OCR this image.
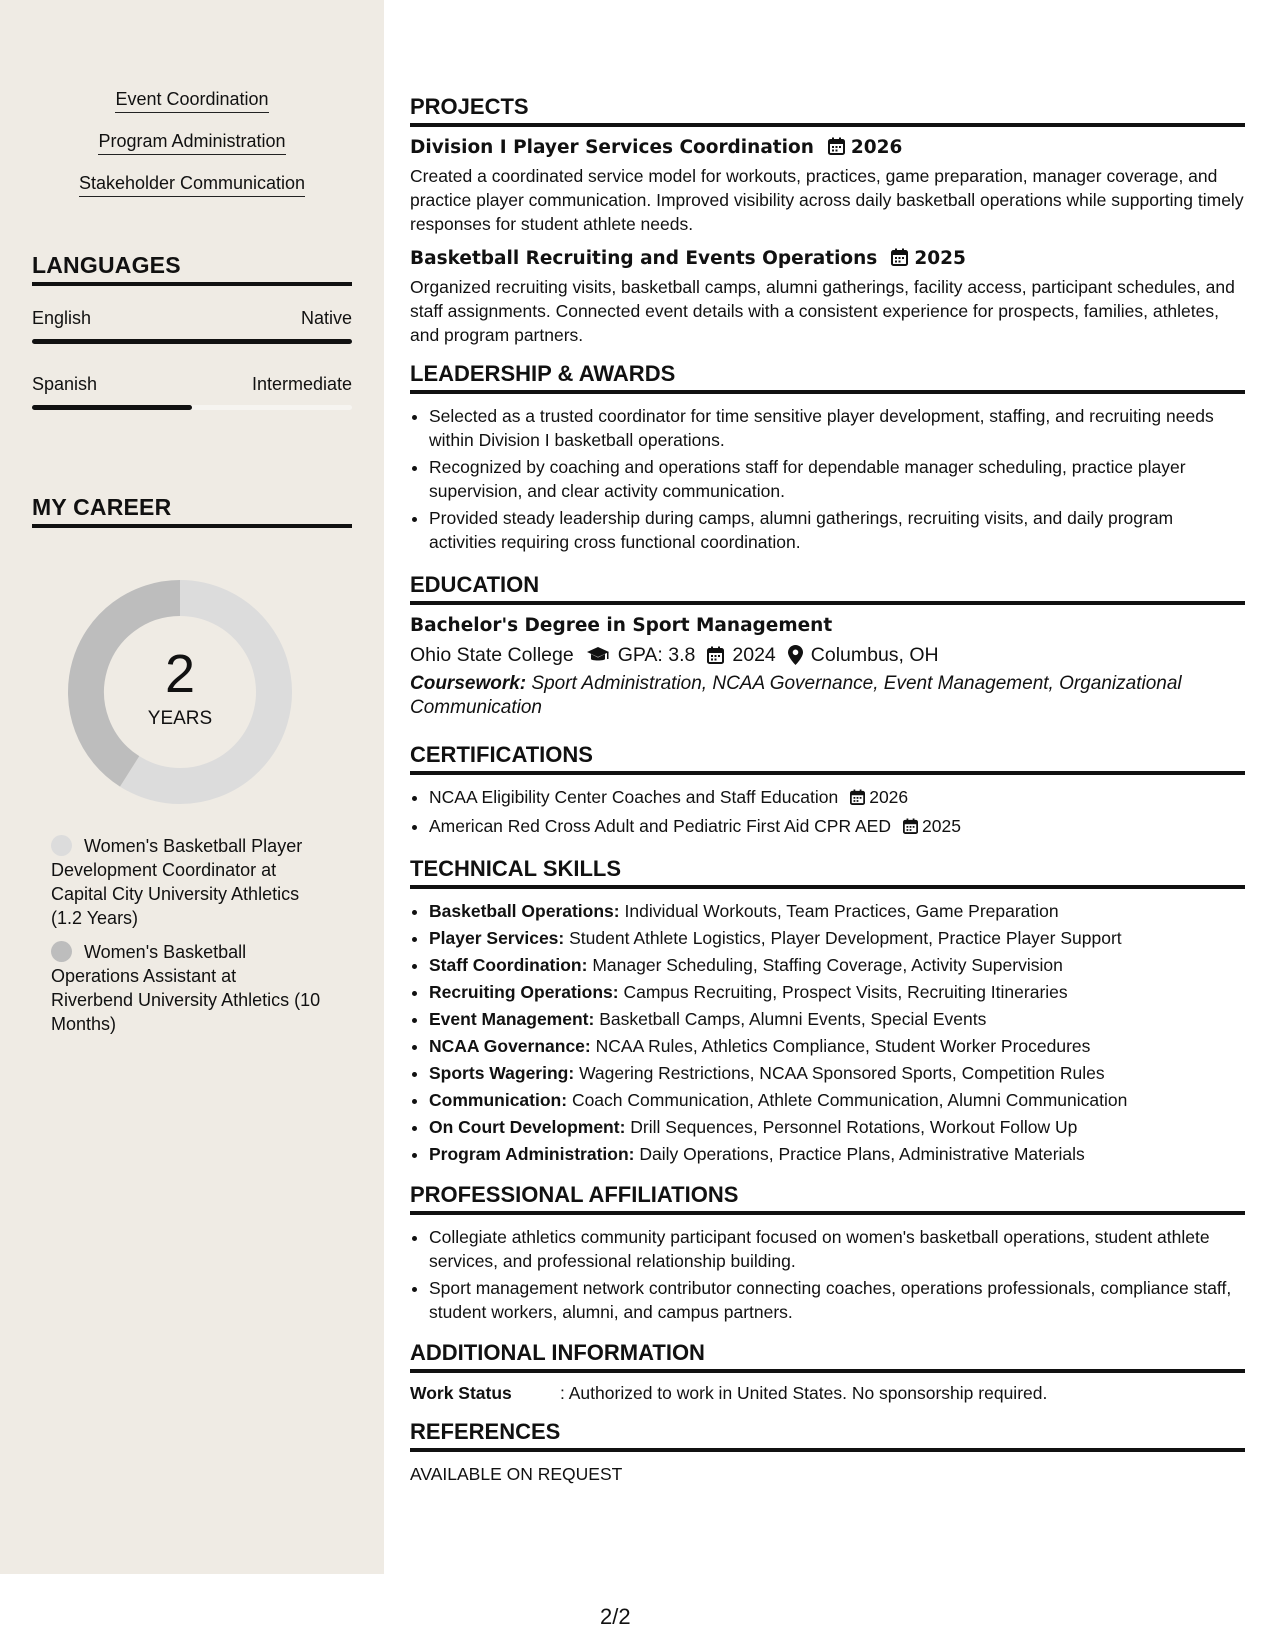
Event Coordination
Program Administration
Stakeholder Communication
LANGUAGES
English	Native
Spanish	Intermediate
MY CAREER
2
YEARS
Women's Basketball Player Development Coordinator at Capital City University Athletics (1.2 Years)
Women's Basketball Operations Assistant at Riverbend University Athletics (10 Months)
PROJECTS
Division I Player Services Coordination 2026

Created a coordinated service model for workouts, practices, game preparation, manager coverage, and practice player communication. Improved visibility across daily basketball operations while supporting timely responses for student athlete needs.

Basketball Recruiting and Events Operations 2025

Organized recruiting visits, basketball camps, alumni gatherings, facility access, participant schedules, and staff assignments. Connected event details with a consistent experience for prospects, families, athletes, and program partners.

LEADERSHIP & AWARDS
• Selected as a trusted coordinator for time sensitive player development, staffing, and recruiting needs within Division I basketball operations.
• Recognized by coaching and operations staff for dependable manager scheduling, practice player supervision, and clear activity communication.
• Provided steady leadership during camps, alumni gatherings, recruiting visits, and daily program activities requiring cross functional coordination.
EDUCATION
Bachelor's Degree in Sport Management
Ohio State College GPA: 3.8 2024 Columbus, OH

Coursework: Sport Administration, NCAA Governance, Event Management, Organizational Communication

CERTIFICATIONS
• NCAA Eligibility Center Coaches and Staff Education 2026
• American Red Cross Adult and Pediatric First Aid CPR AED 2025
TECHNICAL SKILLS
• Basketball Operations: Individual Workouts, Team Practices, Game Preparation
• Player Services: Student Athlete Logistics, Player Development, Practice Player Support
• Staff Coordination: Manager Scheduling, Staffing Coverage, Activity Supervision
• Recruiting Operations: Campus Recruiting, Prospect Visits, Recruiting Itineraries
• Event Management: Basketball Camps, Alumni Events, Special Events
• NCAA Governance: NCAA Rules, Athletics Compliance, Student Worker Procedures
• Sports Wagering: Wagering Restrictions, NCAA Sponsored Sports, Competition Rules
• Communication: Coach Communication, Athlete Communication, Alumni Communication
• On Court Development: Drill Sequences, Personnel Rotations, Workout Follow Up
• Program Administration: Daily Operations, Practice Plans, Administrative Materials
PROFESSIONAL AFFILIATIONS
• Collegiate athletics community participant focused on women's basketball operations, student athlete services, and professional relationship building.
• Sport management network contributor connecting coaches, operations professionals, compliance staff, student workers, alumni, and campus partners.
ADDITIONAL INFORMATION
Work Status	: Authorized to work in United States. No sponsorship required.
REFERENCES

AVAILABLE ON REQUEST

2/2
